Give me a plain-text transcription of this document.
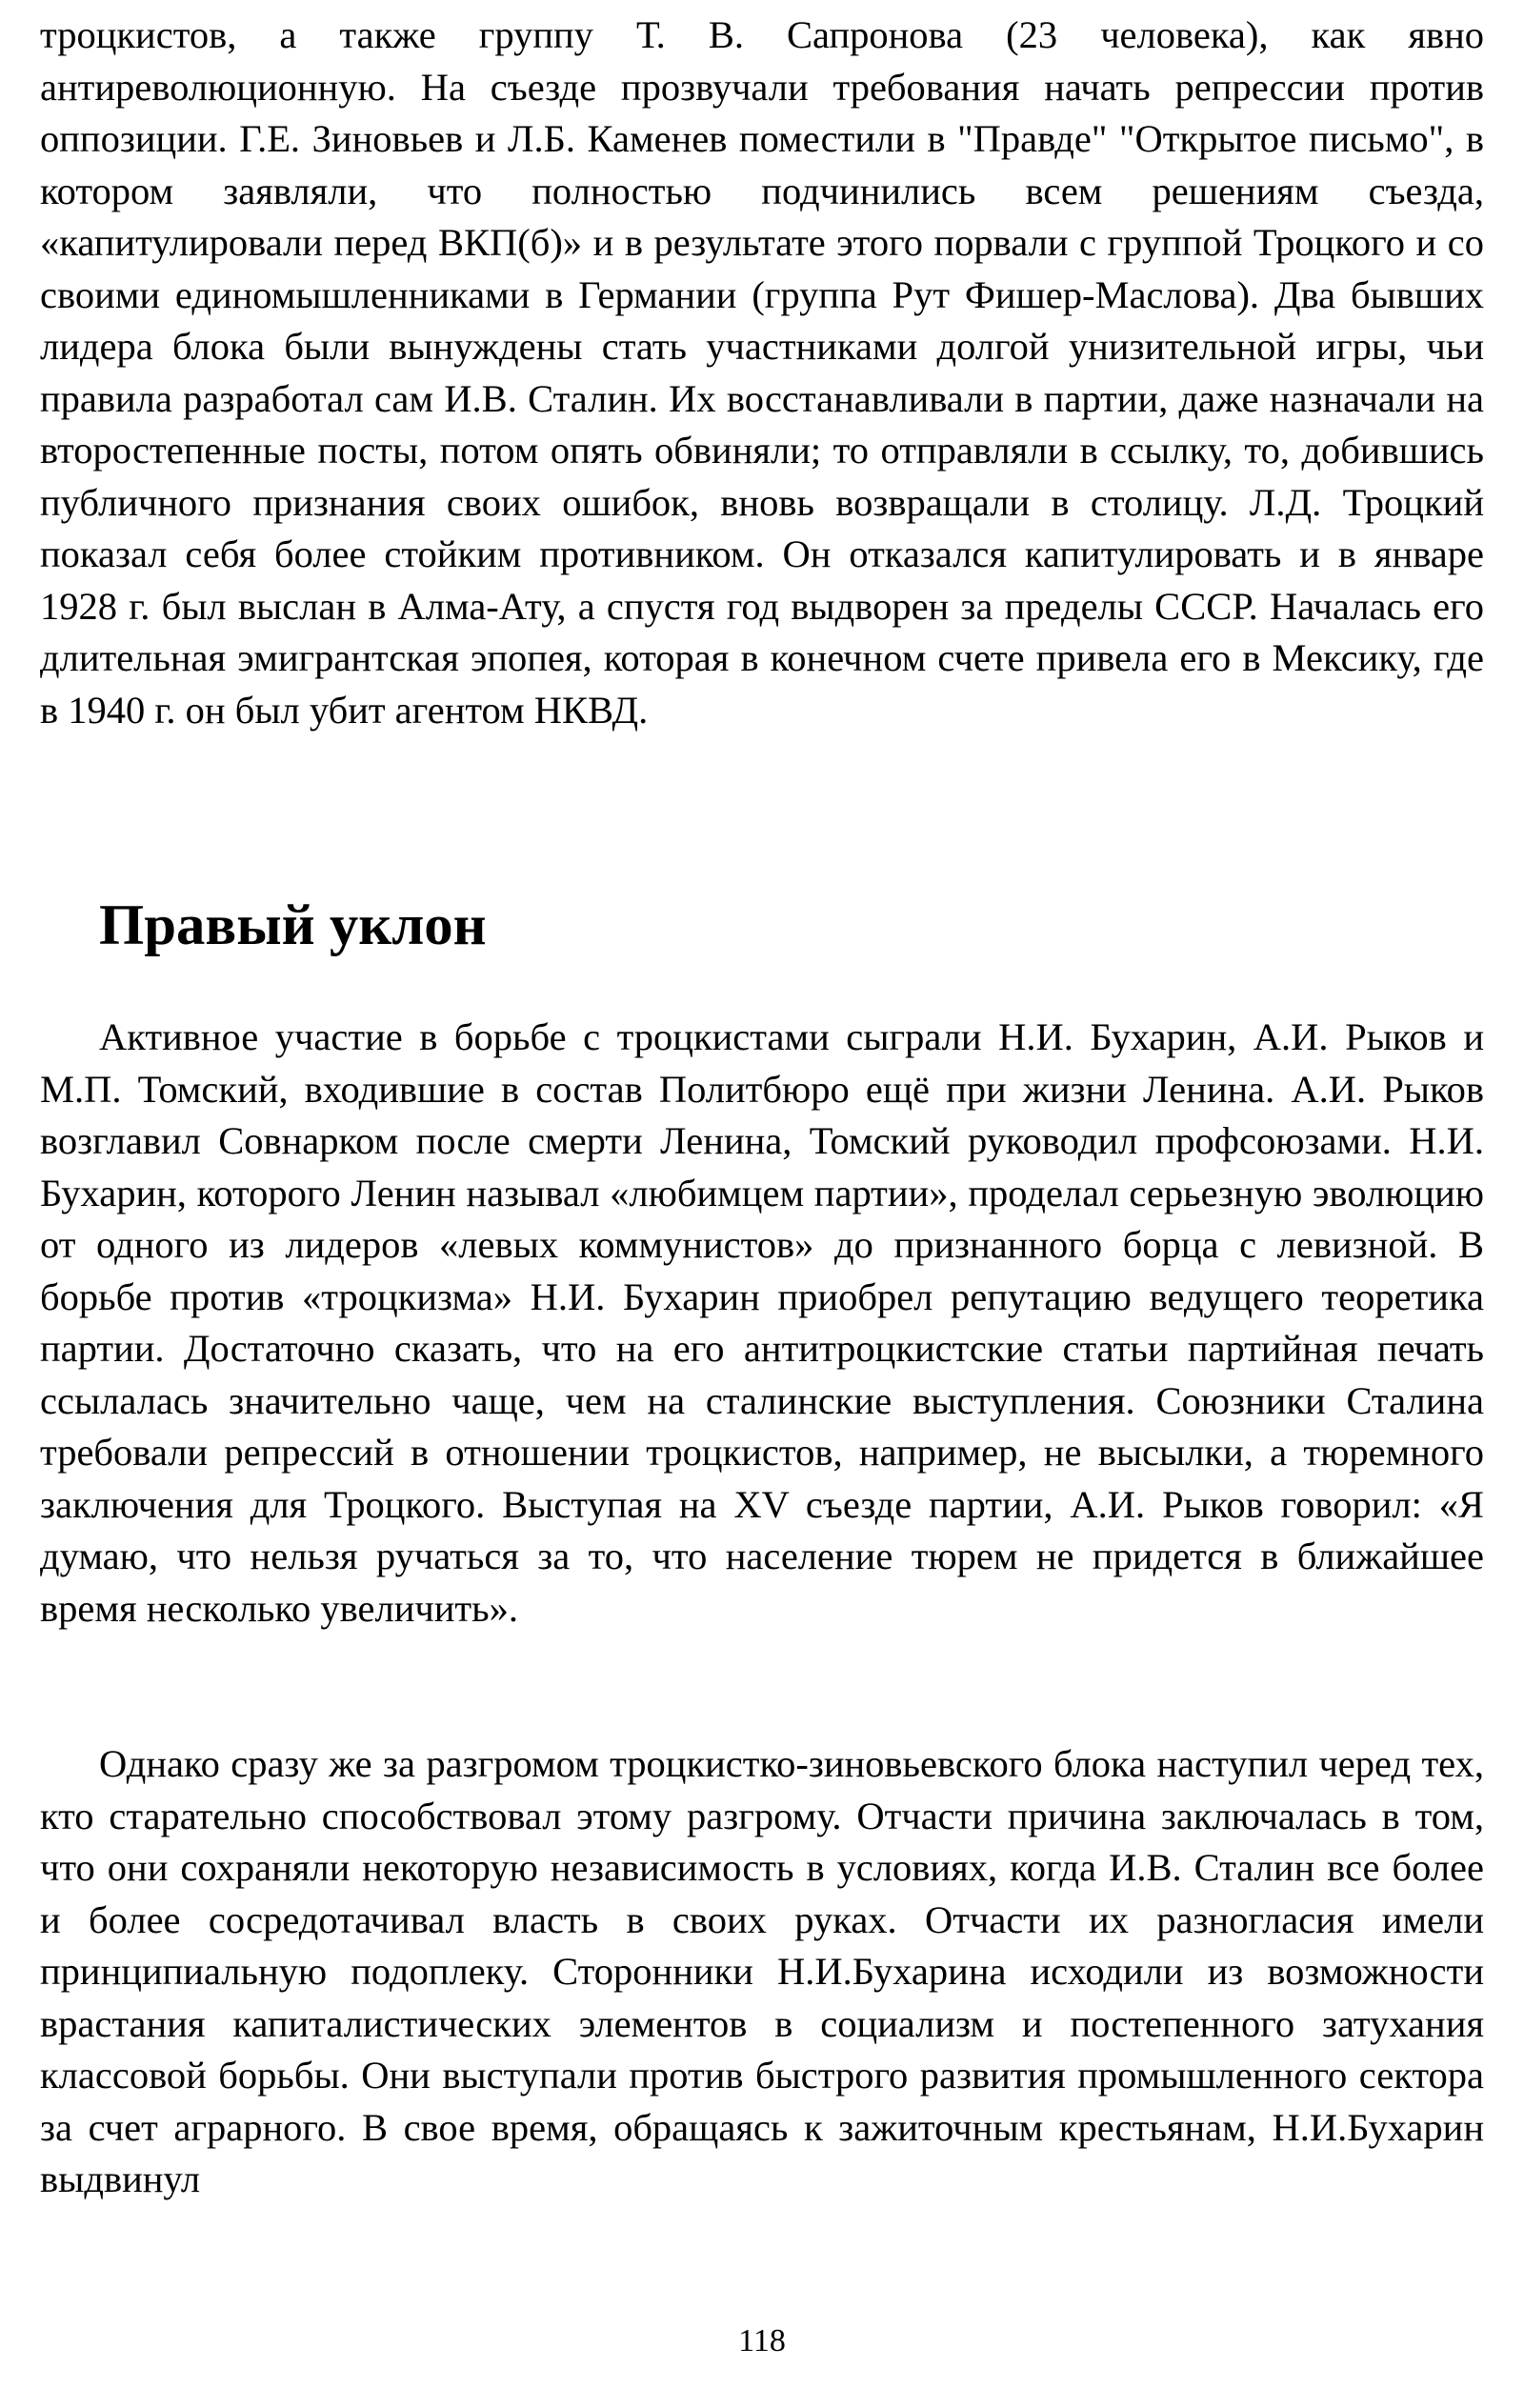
троцкистов, а также группу Т. В. Сапронова (23 человека), как явно антиреволюционную. На съезде прозвучали требования начать репрессии против оппозиции. Г.Е. Зиновьев и Л.Б. Каменев поместили в "Правде" "Открытое письмо", в котором заявляли, что полностью подчинились всем решениям съезда, «капитулировали перед ВКП(б)» и в результате этого порвали с группой Троцкого и со своими единомышленниками в Германии (группа Рут Фишер-Маслова). Два бывших лидера блока были вынуждены стать участниками долгой унизительной игры, чьи правила разработал сам И.В. Сталин. Их восстанавливали в партии, даже назначали на второстепенные посты, потом опять обвиняли; то отправляли в ссылку, то, добившись публичного признания своих ошибок, вновь возвращали в столицу. Л.Д. Троцкий показал себя более стойким противником. Он отказался капитулировать и в январе 1928 г. был выслан в Алма-Ату, а спустя год выдворен за пределы СССР. Началась его длительная эмигрантская эпопея, которая в конечном счете привела его в Мексику, где в 1940 г. он был убит агентом НКВД.

Правый уклон

Активное участие в борьбе с троцкистами сыграли Н.И. Бухарин, А.И. Рыков и М.П. Томский, входившие в состав Политбюро ещё при жизни Ленина. А.И. Рыков возглавил Совнарком после смерти Ленина, Томский руководил профсоюзами. Н.И. Бухарин, которого Ленин называл «любимцем партии», проделал серьезную эволюцию от одного из лидеров «левых коммунистов» до признанного борца с левизной. В борьбе против «троцкизма» Н.И. Бухарин приобрел репутацию ведущего теоретика партии. Достаточно сказать, что на его антитроцкистские статьи партийная печать ссылалась значительно чаще, чем на сталинские выступления. Союзники Сталина требовали репрессий в отношении троцкистов, например, не высылки, а тюремного заключения для Троцкого. Выступая на XV съезде партии, А.И. Рыков говорил: «Я думаю, что нельзя ручаться за то, что население тюрем не придется в ближайшее время несколько увеличить».

Однако сразу же за разгромом троцкистко-зиновьевского блока наступил черед тех, кто старательно способствовал этому разгрому. Отчасти причина заключалась в том, что они сохраняли некоторую независимость в условиях, когда И.В. Сталин все более и более сосредотачивал власть в своих руках. Отчасти их разногласия имели принципиальную подоплеку. Сторонники Н.И.Бухарина исходили из возможности врастания капиталистических элементов в социализм и постепенного затухания классовой борьбы. Они выступали против быстрого развития промышленного сектора за счет аграрного. В свое время, обращаясь к зажиточным крестьянам, Н.И.Бухарин выдвинул

118
